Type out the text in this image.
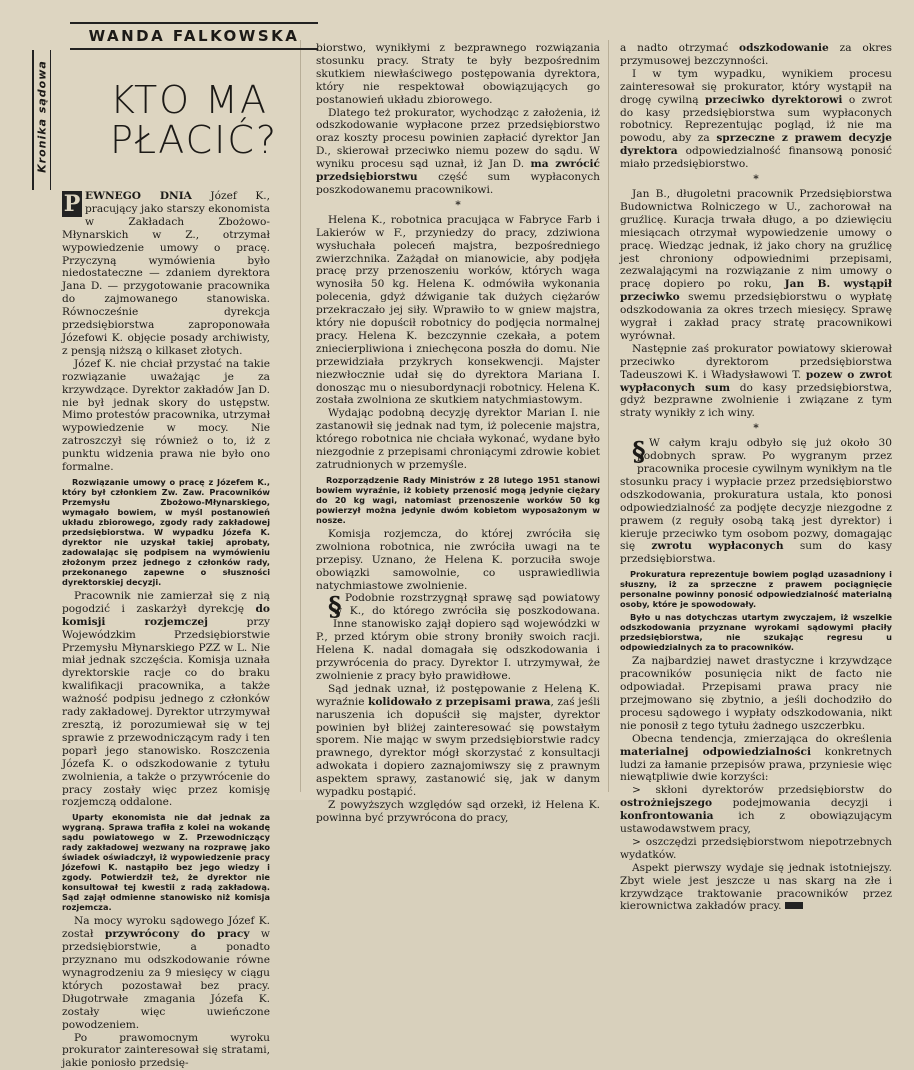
WANDA FALKOWSKA
Kronika sądowa KTO MA
PŁACIĆ?

P EWNEGO DNIA Józef K., pracujący jako starszy ekonomista w Zakładach Zbożowo-Młynarskich w Z., otrzymał wypowiedzenie umowy o pracę. Przyczyną wymówienia było niedostateczne — zdaniem dyrektora Jana D. — przygotowanie pracownika do zajmowanego stanowiska. Równocześnie dyrekcja przedsiębiorstwa zaproponowała Józefowi K. objęcie posady archiwisty, z pensją niższą o kilkaset złotych.

Józef K. nie chciał przystać na takie rozwiązanie uważając je za krzywdzące. Dyrektor zakładów Jan D. nie był jednak skory do ustępstw. Mimo protestów pracownika, utrzymał wypowiedzenie w mocy. Nie zatroszczył się również o to, iż z punktu widzenia prawa nie było ono formalne.

Rozwiązanie umowy o pracę z Józefem K., który był członkiem Zw. Zaw. Pracowników Przemysłu Zbożowo-Młynarskiego, wymagało bowiem, w myśl postanowień układu zbiorowego, zgody rady zakładowej przedsiębiorstwa. W wypadku Józefa K. dyrektor nie uzyskał takiej aprobaty, zadowalając się podpisem na wymówieniu złożonym przez jednego z członków rady, przekonanego zapewne o słuszności dyrektorskiej decyzji.

Pracownik nie zamierzał się z nią pogodzić i zaskarżył dyrekcję do komisji rozjemczej przy Wojewódzkim Przedsiębiorstwie Przemysłu Młynarskiego PZZ w L. Nie miał jednak szczęścia. Komisja uznała dyrektorskie racje co do braku kwalifikacji pracownika, a także ważność podpisu jednego z członków rady zakładowej. Dyrektor utrzymywał zresztą, iż porozumiewał się w tej sprawie z przewodniczącym rady i ten poparł jego stanowisko. Roszczenia Józefa K. o odszkodowanie z tytułu zwolnienia, a także o przywrócenie do pracy zostały więc przez komisję rozjemczą oddalone.

Uparty ekonomista nie dał jednak za wygraną. Sprawa trafiła z kolei na wokandę sądu powiatowego w Z. Przewodniczący rady zakładowej wezwany na rozprawę jako świadek oświadczył, iż wypowiedzenie pracy Józefowi K. nastąpiło bez jego wiedzy i zgody. Potwierdził też, że dyrektor nie konsultował tej kwestii z radą zakładową. Sąd zajął odmienne stanowisko niż komisja rozjemcza.

Na mocy wyroku sądowego Józef K. został przywrócony do pracy w przedsiębiorstwie, a ponadto przyznano mu odszkodowanie równe wynagrodzeniu za 9 miesięcy w ciągu których pozostawał bez pracy. Długotrwałe zmagania Józefa K. zostały więc uwieńczone powodzeniem.

Po prawomocnym wyroku prokurator zainteresował się stratami, jakie poniosło przedsię-

biorstwo, wynikłymi z bezprawnego rozwiązania stosunku pracy. Straty te były bezpośrednim skutkiem niewłaściwego postępowania dyrektora, który nie respektował obowiązujących go postanowień układu zbiorowego.

Dlatego też prokurator, wychodząc z założenia, iż odszkodowanie wypłacone przez przedsiębiorstwo oraz koszty procesu powinien zapłacić dyrektor Jan D., skierował przeciwko niemu pozew do sądu. W wyniku procesu sąd uznał, iż Jan D. ma zwrócić przedsiębiorstwu część sum wypłaconych poszkodowanemu pracownikowi.

*

Helena K., robotnica pracująca w Fabryce Farb i Lakierów w F., przyniedzy do pracy, zdziwiona wysłuchała poleceń majstra, bezpośredniego zwierzchnika. Zażądał on mianowicie, aby podjęła pracę przy przenoszeniu worków, których waga wynosiła 50 kg. Helena K. odmówiła wykonania polecenia, gdyż dźwiganie tak dużych ciężarów przekraczało jej siły. Wprawiło to w gniew majstra, który nie dopuścił robotnicy do podjęcia normalnej pracy. Helena K. bezczynnie czekała, a potem zniecierpliwiona i zniechęcona poszła do domu. Nie przewidziała przykrych konsekwencji. Majster niezwłocznie udał się do dyrektora Mariana I. donosząc mu o niesubordynacji robotnicy. Helena K. została zwolniona ze skutkiem natychmiastowym.

Wydając podobną decyzję dyrektor Marian I. nie zastanowił się jednak nad tym, iż polecenie majstra, którego robotnica nie chciała wykonać, wydane było niezgodnie z przepisami chroniącymi zdrowie kobiet zatrudnionych w przemyśle.

Rozporządzenie Rady Ministrów z 28 lutego 1951 stanowi bowiem wyraźnie, iż kobiety przenosić mogą jedynie ciężary do 20 kg wagi, natomiast przenoszenie worków 50 kg powierzył można jedynie dwóm kobietom wyposażonym w nosze.

Komisja rozjemcza, do której zwróciła się zwolniona robotnica, nie zwróciła uwagi na te przepisy. Uznano, że Helena K. porzuciła swoje obowiązki samowolnie, co usprawiedliwia natychmiastowe zwolnienie.

§ Podobnie rozstrzygnął sprawę sąd powiatowy w K., do którego zwróciła się poszkodowana. Inne stanowisko zajął dopiero sąd wojewódzki w P., przed którym obie strony broniły swoich racji. Helena K. nadal domagała się odszkodowania i przywrócenia do pracy. Dyrektor I. utrzymywał, że zwolnienie z pracy było prawidłowe.

Sąd jednak uznał, iż postępowanie z Heleną K. wyraźnie kolidowało z przepisami prawa, zaś jeśli naruszenia ich dopuścił się majster, dyrektor powinien był bliżej zainteresować się powstałym sporem. Nie mając w swym przedsiębiorstwie radcy prawnego, dyrektor mógł skorzystać z konsultacji adwokata i dopiero zaznajomiwszy się z prawnym aspektem sprawy, zastanowić się, jak w danym wypadku postąpić.

Z powyższych względów sąd orzekł, iż Helena K. powinna być przywrócona do pracy,

a nadto otrzymać odszkodowanie za okres przymusowej bezczynności.

I w tym wypadku, wynikiem procesu zainteresował się prokurator, który wystąpił na drogę cywilną przeciwko dyrektorowi o zwrot do kasy przedsiębiorstwa sum wypłaconych robotnicy. Reprezentując pogląd, iż nie ma powodu, aby za sprzeczne z prawem decyzje dyrektora odpowiedzialność finansową ponosić miało przedsiębiorstwo.

*

Jan B., długoletni pracownik Przedsiębiorstwa Budownictwa Rolniczego w U., zachorował na gruźlicę. Kuracja trwała długo, a po dziewięciu miesiącach otrzymał wypowiedzenie umowy o pracę. Wiedząc jednak, iż jako chory na gruźlicę jest chroniony odpowiednimi przepisami, zezwalającymi na rozwiązanie z nim umowy o pracę dopiero po roku, Jan B. wystąpił przeciwko swemu przedsiębiorstwu o wypłatę odszkodowania za okres trzech miesięcy. Sprawę wygrał i zakład pracy stratę pracownikowi wyrównał.

Następnie zaś prokurator powiatowy skierował przeciwko dyrektorom przedsiębiorstwa Tadeuszowi K. i Władysławowi T. pozew o zwrot wypłaconych sum do kasy przedsiębiorstwa, gdyż bezprawne zwolnienie i związane z tym straty wynikły z ich winy.

*

§ W całym kraju odbyło się już około 30 podobnych spraw. Po wygranym przez pracownika procesie cywilnym wynikłym na tle stosunku pracy i wypłacie przez przedsiębiorstwo odszkodowania, prokuratura ustala, kto ponosi odpowiedzialność za podjęte decyzje niezgodne z prawem (z reguły osobą taką jest dyrektor) i kieruje przeciwko tym osobom pozwy, domagając się zwrotu wypłaconych sum do kasy przedsiębiorstwa.

Prokuratura reprezentuje bowiem pogląd uzasadniony i słuszny, iż za sprzeczne z prawem pociągnięcie personalne powinny ponosić odpowiedzialność materialną osoby, które je spowodowały.

Było u nas dotychczas utartym zwyczajem, iż wszelkie odszkodowania przyznane wyrokami sądowymi płaciły przedsiębiorstwa, nie szukając regresu u odpowiedzialnych za to pracowników.

Za najbardziej nawet drastyczne i krzywdzące pracowników posunięcia nikt de facto nie odpowiadał. Przepisami prawa pracy nie przejmowano się zbytnio, a jeśli dochodziło do procesu sądowego i wypłaty odszkodowania, nikt nie ponosił z tego tytułu żadnego uszczerbku.

Obecna tendencja, zmierzająca do określenia materialnej odpowiedzialności konkretnych ludzi za łamanie przepisów prawa, przyniesie więc niewątpliwie dwie korzyści:

> skłoni dyrektorów przedsiębiorstw do ostrożniejszego podejmowania decyzji i konfrontowania ich z obowiązującym ustawodawstwem pracy,

> oszczędzi przedsiębiorstwom niepotrzebnych wydatków.

Aspekt pierwszy wydaje się jednak istotniejszy. Zbyt wiele jest jeszcze u nas skarg na złe i krzywdzące traktowanie pracowników przez kierownictwa zakładów pracy.
